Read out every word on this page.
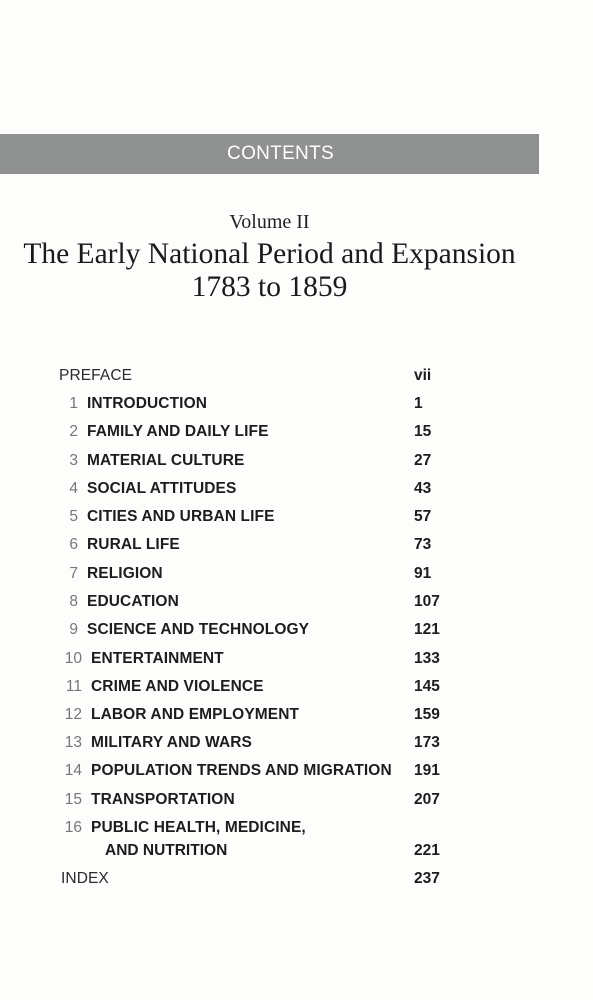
CONTENTS
Volume II
The Early National Period and Expansion
1783 to 1859
PREFACE	vii
1 INTRODUCTION	1
2 FAMILY AND DAILY LIFE	15
3 MATERIAL CULTURE	27
4 SOCIAL ATTITUDES	43
5 CITIES AND URBAN LIFE	57
6 RURAL LIFE	73
7 RELIGION	91
8 EDUCATION	107
9 SCIENCE AND TECHNOLOGY	121
10 ENTERTAINMENT	133
11 CRIME AND VIOLENCE	145
12 LABOR AND EMPLOYMENT	159
13 MILITARY AND WARS	173
14 POPULATION TRENDS AND MIGRATION 191
15 TRANSPORTATION	207
16 PUBLIC HEALTH, MEDICINE,
AND NUTRITION	221
INDEX	237
